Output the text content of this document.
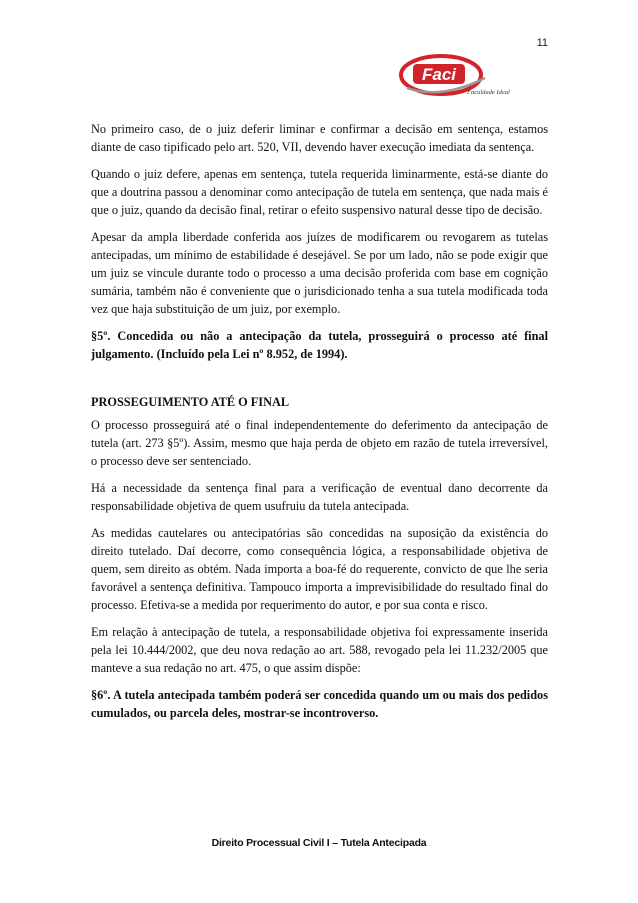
11
Faci
Faculdade Ideal

No primeiro caso, de o juiz deferir liminar e confirmar a decisão em sentença, estamos diante de caso tipificado pelo art. 520, VII, devendo haver execução imediata da sentença.

Quando o juiz defere, apenas em sentença, tutela requerida liminarmente, está-se diante do que a doutrina passou a denominar como antecipação de tutela em sentença, que nada mais é que o juiz, quando da decisão final, retirar o efeito suspensivo natural desse tipo de decisão.

Apesar da ampla liberdade conferida aos juízes de modificarem ou revogarem as tutelas antecipadas, um mínimo de estabilidade é desejável. Se por um lado, não se pode exigir que um juiz se vincule durante todo o processo a uma decisão proferida com base em cognição sumária, também não é conveniente que o jurisdicionado tenha a sua tutela modificada toda vez que haja substituição de um juiz, por exemplo.

§5º. Concedida ou não a antecipação da tutela, prosseguirá o processo até final julgamento. (Incluído pela Lei nº 8.952, de 1994).

PROSSEGUIMENTO ATÉ O FINAL

O processo prosseguirá até o final independentemente do deferimento da antecipação de tutela (art. 273 §5º). Assim, mesmo que haja perda de objeto em razão de tutela irreversível, o processo deve ser sentenciado.

Há a necessidade da sentença final para a verificação de eventual dano decorrente da responsabilidade objetiva de quem usufruiu da tutela antecipada.

As medidas cautelares ou antecipatórias são concedidas na suposição da existência do direito tutelado. Daí decorre, como consequência lógica, a responsabilidade objetiva de quem, sem direito as obtém. Nada importa a boa-fé do requerente, convicto de que lhe seria favorável a sentença definitiva. Tampouco importa a imprevisibilidade do resultado final do processo. Efetiva-se a medida por requerimento do autor, e por sua conta e risco.

Em relação à antecipação de tutela, a responsabilidade objetiva foi expressamente inserida pela lei 10.444/2002, que deu nova redação ao art. 588, revogado pela lei 11.232/2005 que manteve a sua redação no art. 475, o que assim dispõe:

§6º. A tutela antecipada também poderá ser concedida quando um ou mais dos pedidos cumulados, ou parcela deles, mostrar-se incontroverso.

Direito Processual Civil I – Tutela Antecipada
